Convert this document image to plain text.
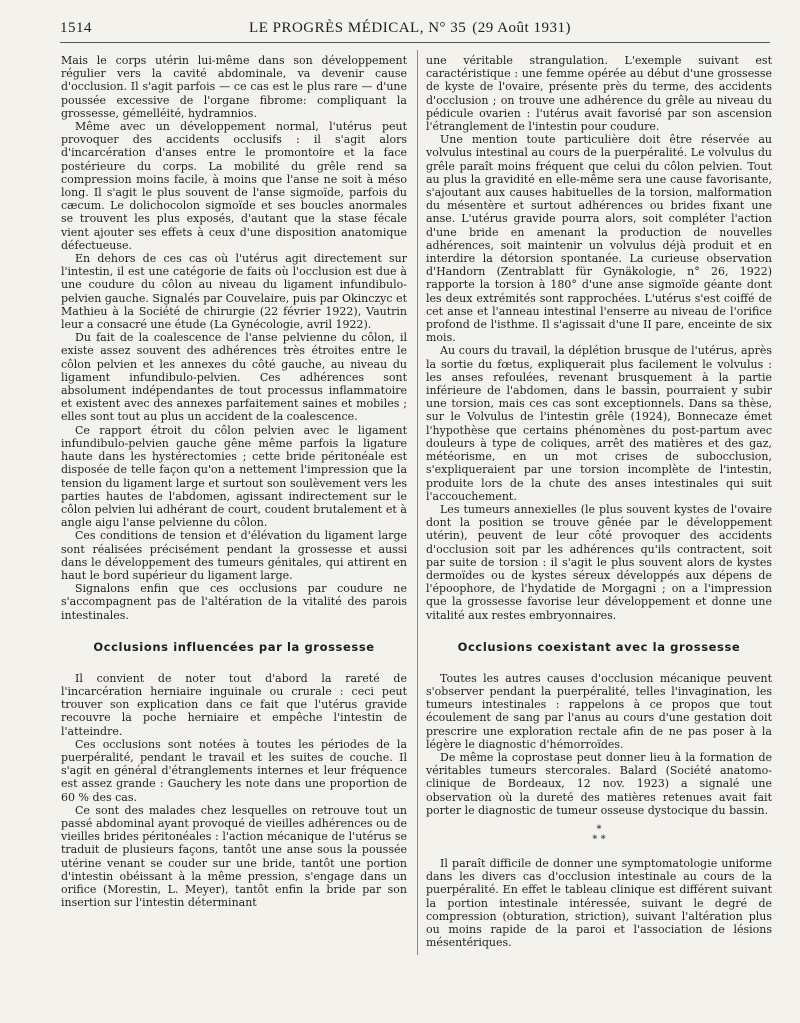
1514	LE PROGRÈS MÉDICAL, N° 35 (29 Août 1931)

Mais le corps utérin lui-même dans son développement régulier vers la cavité abdominale, va devenir cause d'occlusion. Il s'agit parfois — ce cas est le plus rare — d'une poussée excessive de l'organe fibrome: compliquant la grossesse, gémelléité, hydramnios.

Même avec un développement normal, l'utérus peut provoquer des accidents occlusifs : il s'agit alors d'incarcération d'anses entre le promontoire et la face postérieure du corps. La mobilité du grêle rend sa compression moins facile, à moins que l'anse ne soit à méso long. Il s'agit le plus souvent de l'anse sigmoïde, parfois du cæcum. Le dolichocolon sigmoïde et ses boucles anormales se trouvent les plus exposés, d'autant que la stase fécale vient ajouter ses effets à ceux d'une disposition anatomique défectueuse.

En dehors de ces cas où l'utérus agit directement sur l'intestin, il est une catégorie de faits où l'occlusion est due à une coudure du côlon au niveau du ligament infundibulo-pelvien gauche. Signalés par Couvelaire, puis par Okinczyc et Mathieu à la Société de chirurgie (22 février 1922), Vautrin leur a consacré une étude (La Gynécologie, avril 1922).

Du fait de la coalescence de l'anse pelvienne du côlon, il existe assez souvent des adhérences très étroites entre le côlon pelvien et les annexes du côté gauche, au niveau du ligament infundibulo-pelvien. Ces adhérences sont absolument indépendantes de tout processus inflammatoire et existent avec des annexes parfaitement saines et mobiles ; elles sont tout au plus un accident de la coalescence.

Ce rapport étroit du côlon pelvien avec le ligament infundibulo-pelvien gauche gêne même parfois la ligature haute dans les hystérectomies ; cette bride péritonéale est disposée de telle façon qu'on a nettement l'impression que la tension du ligament large et surtout son soulèvement vers les parties hautes de l'abdomen, agissant indirectement sur le côlon pelvien lui adhérant de court, coudent brutalement et à angle aigu l'anse pelvienne du côlon.

Ces conditions de tension et d'élévation du ligament large sont réalisées précisément pendant la grossesse et aussi dans le développement des tumeurs génitales, qui attirent en haut le bord supérieur du ligament large.

Signalons enfin que ces occlusions par coudure ne s'accompagnent pas de l'altération de la vitalité des parois intestinales.

Occlusions influencées par la grossesse

Il convient de noter tout d'abord la rareté de l'incarcération herniaire inguinale ou crurale : ceci peut trouver son explication dans ce fait que l'utérus gravide recouvre la poche herniaire et empêche l'intestin de l'atteindre.

Ces occlusions sont notées à toutes les périodes de la puerpéralité, pendant le travail et les suites de couche. Il s'agit en général d'étranglements internes et leur fréquence est assez grande : Gauchery les note dans une proportion de 60 % des cas.

Ce sont des malades chez lesquelles on retrouve tout un passé abdominal ayant provoqué de vieilles adhérences ou de vieilles brides péritonéales : l'action mécanique de l'utérus se traduit de plusieurs façons, tantôt une anse sous la poussée utérine venant se couder sur une bride, tantôt une portion d'intestin obéissant à la même pression, s'engage dans un orifice (Morestin, L. Meyer), tantôt enfin la bride par son insertion sur l'intestin déterminant

une véritable strangulation. L'exemple suivant est caractéristique : une femme opérée au début d'une grossesse de kyste de l'ovaire, présente près du terme, des accidents d'occlusion ; on trouve une adhérence du grêle au niveau du pédicule ovarien : l'utérus avait favorisé par son ascension l'étranglement de l'intestin pour coudure.

Une mention toute particulière doit être réservée au volvulus intestinal au cours de la puerpéralité. Le volvulus du grêle paraît moins fréquent que celui du côlon pelvien. Tout au plus la gravidité en elle-même sera une cause favorisante, s'ajoutant aux causes habituelles de la torsion, malformation du mésentère et surtout adhérences ou brides fixant une anse. L'utérus gravide pourra alors, soit compléter l'action d'une bride en amenant la production de nouvelles adhérences, soit maintenir un volvulus déjà produit et en interdire la détorsion spontanée. La curieuse observation d'Handorn (Zentrablatt für Gynäkologie, n° 26, 1922) rapporte la torsion à 180° d'une anse sigmoïde géante dont les deux extrémités sont rapprochées. L'utérus s'est coiffé de cet anse et l'anneau intestinal l'enserre au niveau de l'orifice profond de l'isthme. Il s'agissait d'une II pare, enceinte de six mois.

Au cours du travail, la déplétion brusque de l'utérus, après la sortie du fœtus, expliquerait plus facilement le volvulus : les anses refoulées, revenant brusquement à la partie inférieure de l'abdomen, dans le bassin, pourraient y subir une torsion, mais ces cas sont exceptionnels. Dans sa thèse, sur le Volvulus de l'intestin grêle (1924), Bonnecaze émet l'hypothèse que certains phénomènes du post-partum avec douleurs à type de coliques, arrêt des matières et des gaz, météorisme, en un mot crises de subocclusion, s'expliqueraient par une torsion incomplète de l'intestin, produite lors de la chute des anses intestinales qui suit l'accouchement.

Les tumeurs annexielles (le plus souvent kystes de l'ovaire dont la position se trouve gênée par le développement utérin), peuvent de leur côté provoquer des accidents d'occlusion soit par les adhérences qu'ils contractent, soit par suite de torsion : il s'agit le plus souvent alors de kystes dermoïdes ou de kystes séreux développés aux dépens de l'époophore, de l'hydatide de Morgagni ; on a l'impression que la grossesse favorise leur développement et donne une vitalité aux restes embryonnaires.

Occlusions coexistant avec la grossesse

Toutes les autres causes d'occlusion mécanique peuvent s'observer pendant la puerpéralité, telles l'invagination, les tumeurs intestinales : rappelons à ce propos que tout écoulement de sang par l'anus au cours d'une gestation doit prescrire une exploration rectale afin de ne pas poser à la légère le diagnostic d'hémorroïdes.

De même la coprostase peut donner lieu à la formation de véritables tumeurs stercorales. Balard (Société anatomo-clinique de Bordeaux, 12 nov. 1923) a signalé une observation où la dureté des matières retenues avait fait porter le diagnostic de tumeur osseuse dystocique du bassin.

*
* *

Il paraît difficile de donner une symptomatologie uniforme dans les divers cas d'occlusion intestinale au cours de la puerpéralité. En effet le tableau clinique est différent suivant la portion intestinale intéressée, suivant le degré de compression (obturation, striction), suivant l'altération plus ou moins rapide de la paroi et l'association de lésions mésentériques.
